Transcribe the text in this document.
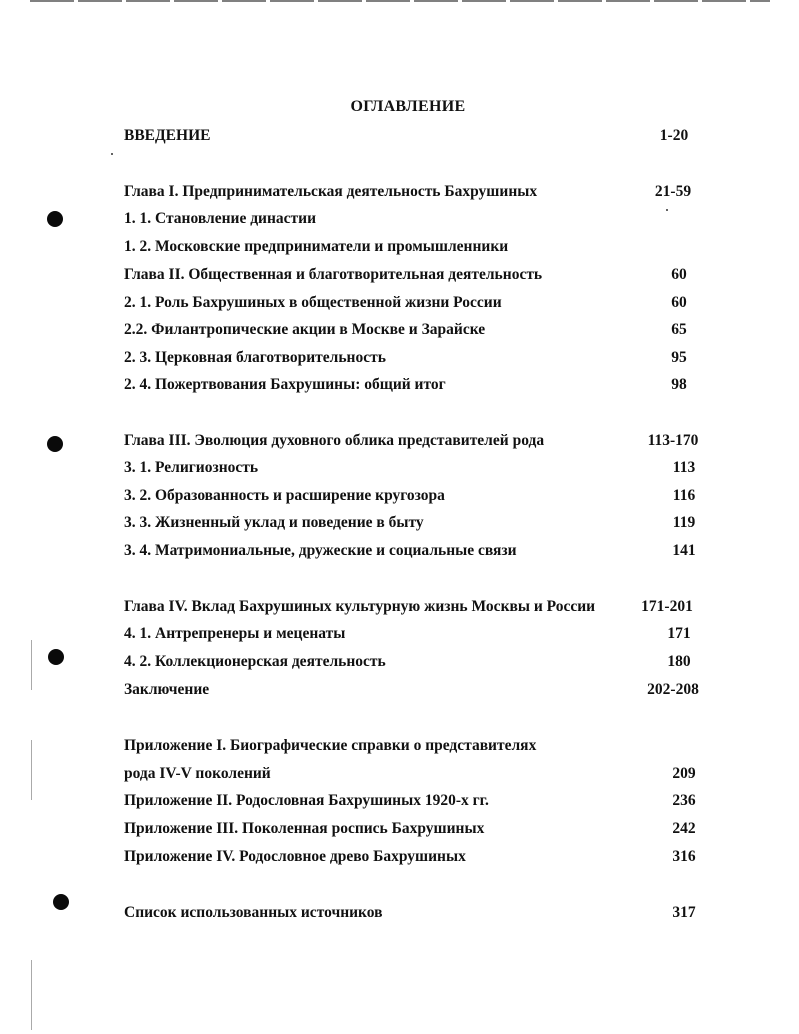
ОГЛАВЛЕНИЕ
ВВЕДЕНИЕ	1-20
Глава I. Предпринимательская деятельность Бахрушиных	21-59
1. 1. Становление династии
1. 2. Московские предприниматели и промышленники
Глава II. Общественная и благотворительная деятельность	60
2. 1. Роль Бахрушиных в общественной жизни России	60
2.2. Филантропические акции в Москве и Зарайске	65
2. 3. Церковная благотворительность	95
2. 4. Пожертвования Бахрушины: общий итог	98
Глава III. Эволюция духовного облика представителей рода	113-170
3. 1. Религиозность	113
3. 2. Образованность и расширение кругозора	116
3. 3. Жизненный уклад и поведение в быту	119
3. 4. Матримониальные, дружеские и социальные связи	141
Глава IV. Вклад Бахрушиных культурную жизнь Москвы и России	171-201
4. 1. Антрепренеры и меценаты	171
4. 2. Коллекционерская деятельность	180
Заключение	202-208
Приложение I. Биографические справки о представителях
рода IV-V поколений	209
Приложение II. Родословная Бахрушиных 1920-х гг.	236
Приложение III. Поколенная роспись Бахрушиных	242
Приложение IV. Родословное древо Бахрушиных	316
Список использованных источников	317
